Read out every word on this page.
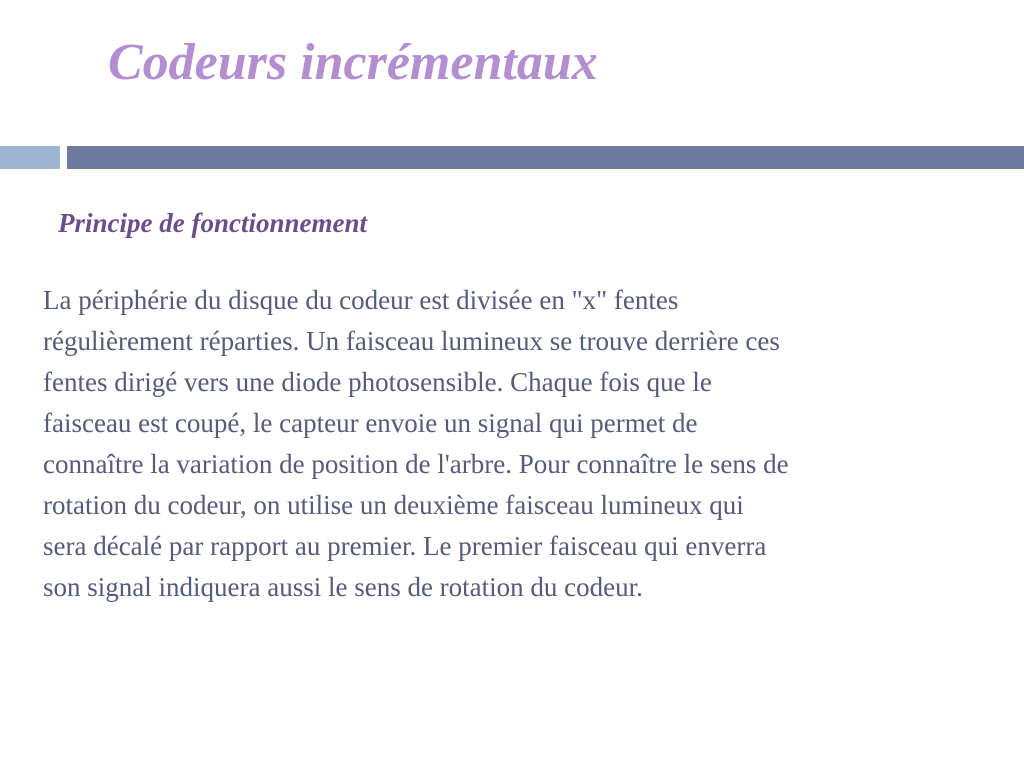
Codeurs incrémentaux
Principe de fonctionnement
La périphérie du disque du codeur est divisée en "x" fentes
régulièrement réparties. Un faisceau lumineux se trouve derrière ces
fentes dirigé vers une diode photosensible. Chaque fois que le
faisceau est coupé, le capteur envoie un signal qui permet de
connaître la variation de position de l'arbre. Pour connaître le sens de
rotation du codeur, on utilise un deuxième faisceau lumineux qui
sera décalé par rapport au premier. Le premier faisceau qui enverra
son signal indiquera aussi le sens de rotation du codeur.
